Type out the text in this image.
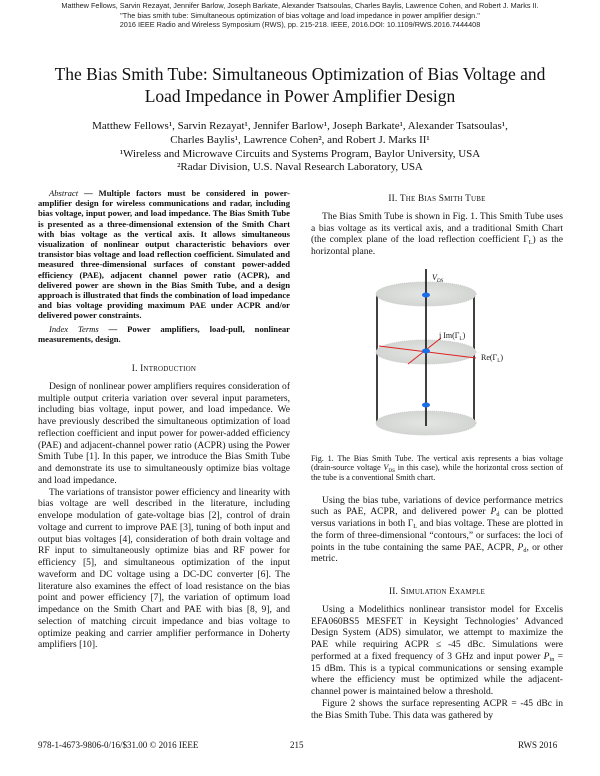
Matthew Fellows, Sarvin Rezayat, Jennifer Barlow, Joseph Barkate, Alexander Tsatsoulas, Charles Baylis, Lawrence Cohen, and Robert J. Marks II.
"The bias smith tube: Simultaneous optimization of bias voltage and load impedance in power amplifier design."
2016 IEEE Radio and Wireless Symposium (RWS), pp. 215-218. IEEE, 2016.DOI: 10.1109/RWS.2016.7444408
The Bias Smith Tube: Simultaneous Optimization of Bias Voltage and Load Impedance in Power Amplifier Design
Matthew Fellows¹, Sarvin Rezayat¹, Jennifer Barlow¹, Joseph Barkate¹, Alexander Tsatsoulas¹,
Charles Baylis¹, Lawrence Cohen², and Robert J. Marks II¹
¹Wireless and Microwave Circuits and Systems Program, Baylor University, USA
²Radar Division, U.S. Naval Research Laboratory, USA

Abstract — Multiple factors must be considered in power-amplifier design for wireless communications and radar, including bias voltage, input power, and load impedance. The Bias Smith Tube is presented as a three-dimensional extension of the Smith Chart with bias voltage as the vertical axis. It allows simultaneous visualization of nonlinear output characteristic behaviors over transistor bias voltage and load reflection coefficient. Simulated and measured three-dimensional surfaces of constant power-added efficiency (PAE), adjacent channel power ratio (ACPR), and delivered power are shown in the Bias Smith Tube, and a design approach is illustrated that finds the combination of load impedance and bias voltage providing maximum PAE under ACPR and/or delivered power constraints.

Index Terms — Power amplifiers, load-pull, nonlinear measurements, design.

I. Introduction

Design of nonlinear power amplifiers requires consideration of multiple output criteria variation over several input parameters, including bias voltage, input power, and load impedance. We have previously described the simultaneous optimization of load reflection coefficient and input power for power-added efficiency (PAE) and adjacent-channel power ratio (ACPR) using the Power Smith Tube [1]. In this paper, we introduce the Bias Smith Tube and demonstrate its use to simultaneously optimize bias voltage and load impedance.

The variations of transistor power efficiency and linearity with bias voltage are well described in the literature, including envelope modulation of gate-voltage bias [2], control of drain voltage and current to improve PAE [3], tuning of both input and output bias voltages [4], consideration of both drain voltage and RF input to simultaneously optimize bias and RF power for efficiency [5], and simultaneous optimization of the input waveform and DC voltage using a DC-DC converter [6]. The literature also examines the effect of load resistance on the bias point and power efficiency [7], the variation of optimum load impedance on the Smith Chart and PAE with bias [8, 9], and selection of matching circuit impedance and bias voltage to optimize peaking and carrier amplifier performance in Doherty amplifiers [10].

II. The Bias Smith Tube

The Bias Smith Tube is shown in Fig. 1. This Smith Tube uses a bias voltage as its vertical axis, and a traditional Smith Chart (the complex plane of the load reflection coefficient $\Gamma_L$) as the horizontal plane.

$V_{DS}$
j $Im(\Gamma_L)$
$Re(\Gamma_L)$

Fig. 1. The Bias Smith Tube. The vertical axis represents a bias voltage (drain-source voltage $V_{DS}$ in this case), while the horizontal cross section of the tube is a conventional Smith chart.

Using the bias tube, variations of device performance metrics such as PAE, ACPR, and delivered power $P_d$ can be plotted versus variations in both $\Gamma_L$ and bias voltage. These are plotted in the form of three-dimensional “contours,” or surfaces: the loci of points in the tube containing the same PAE, ACPR, $P_d$, or other metric.

II. Simulation Example

Using a Modelithics nonlinear transistor model for Excelis EFA060BS5 MESFET in Keysight Technologies’ Advanced Design System (ADS) simulator, we attempt to maximize the PAE while requiring ACPR ≤ -45 dBc. Simulations were performed at a fixed frequency of 3 GHz and input power $P_{in} = 15$ dBm. This is a typical communications or sensing example where the efficiency must be optimized while the adjacent-channel power is maintained below a threshold.

Figure 2 shows the surface representing ACPR = -45 dBc in the Bias Smith Tube. This data was gathered by

978-1-4673-9806-0/16/$31.00 © 2016 IEEE	215	RWS 2016
